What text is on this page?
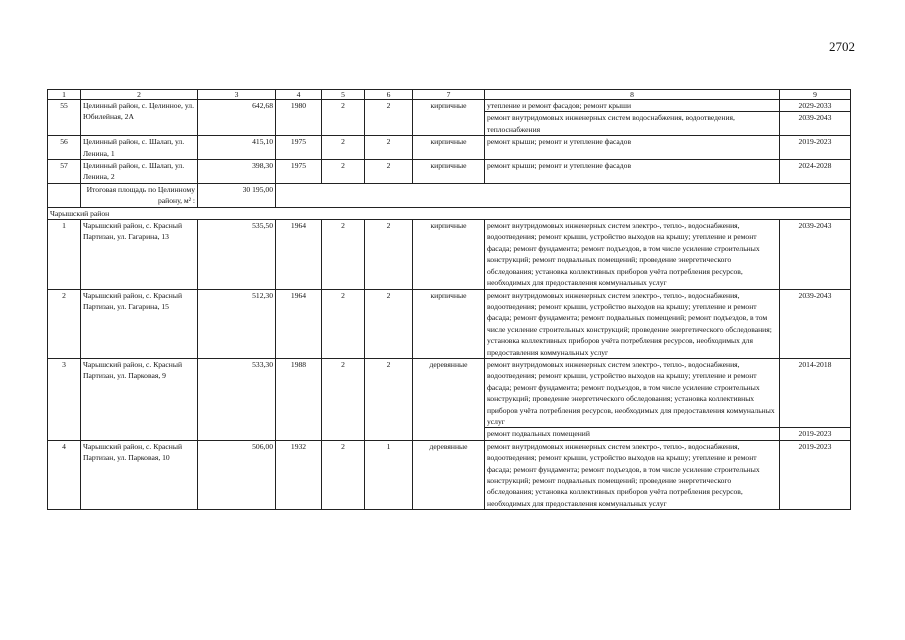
2702
1	2	3	4	5	6	7	8	9
55	Целинный район, с. Целинное, ул. Юбилейная, 2А	642,68	1980	2	2	кирпичные	утепление и ремонт фасадов; ремонт крыши	2029-2033
							ремонт внутридомовых инженерных систем водоснабжения, водоотведения, теплоснабжения	2039-2043
56	Целинный район, с. Шалап, ул. Ленина, 1	415,10	1975	2	2	кирпичные	ремонт крыши; ремонт и утепление фасадов	2019-2023
57	Целинный район, с. Шалап, ул. Ленина, 2	398,30	1975	2	2	кирпичные	ремонт крыши; ремонт и утепление фасадов	2024-2028
	Итоговая площадь по Целинному району, м² :	30 195,00						
Чарышский район								
1	Чарышский район, с. Красный Партизан, ул. Гагарина, 13	535,50	1964	2	2	кирпичные	ремонт внутридомовых инженерных систем электро-, тепло-, водоснабжения, водоотведения; ремонт крыши, устройство выходов на крышу; утепление и ремонт фасада; ремонт фундамента; ремонт подъездов, в том числе усиление строительных конструкций; ремонт подвальных помещений; проведение энергетического обследования; установка коллективных приборов учёта потребления ресурсов, необходимых для предоставления коммунальных услуг	2039-2043
2	Чарышский район, с. Красный Партизан, ул. Гагарина, 15	512,30	1964	2	2	кирпичные	ремонт внутридомовых инженерных систем электро-, тепло-, водоснабжения, водоотведения; ремонт крыши, устройство выходов на крышу; утепление и ремонт фасада; ремонт фундамента; ремонт подвальных помещений; ремонт подъездов, в том числе усиление строительных конструкций; проведение энергетического обследования; установка коллективных приборов учёта потребления ресурсов, необходимых для предоставления коммунальных услуг	2039-2043
3	Чарышский район, с. Красный Партизан, ул. Парковая, 9	533,30	1988	2	2	деревянные	ремонт внутридомовых инженерных систем электро-, тепло-, водоснабжения, водоотведения; ремонт крыши, устройство выходов на крышу; утепление и ремонт фасада; ремонт фундамента; ремонт подъездов, в том числе усиление строительных конструкций; проведение энергетического обследования; установка коллективных приборов учёта потребления ресурсов, необходимых для предоставления коммунальных услуг	2014-2018
							ремонт подвальных помещений	2019-2023
4	Чарышский район, с. Красный Партизан, ул. Парковая, 10	506,00	1932	2	1	деревянные	ремонт внутридомовых инженерных систем электро-, тепло-, водоснабжения, водоотведения; ремонт крыши, устройство выходов на крышу; утепление и ремонт фасада; ремонт фундамента; ремонт подъездов, в том числе усиление строительных конструкций; ремонт подвальных помещений; проведение энергетического обследования; установка коллективных приборов учёта потребления ресурсов, необходимых для предоставления коммунальных услуг	2019-2023
